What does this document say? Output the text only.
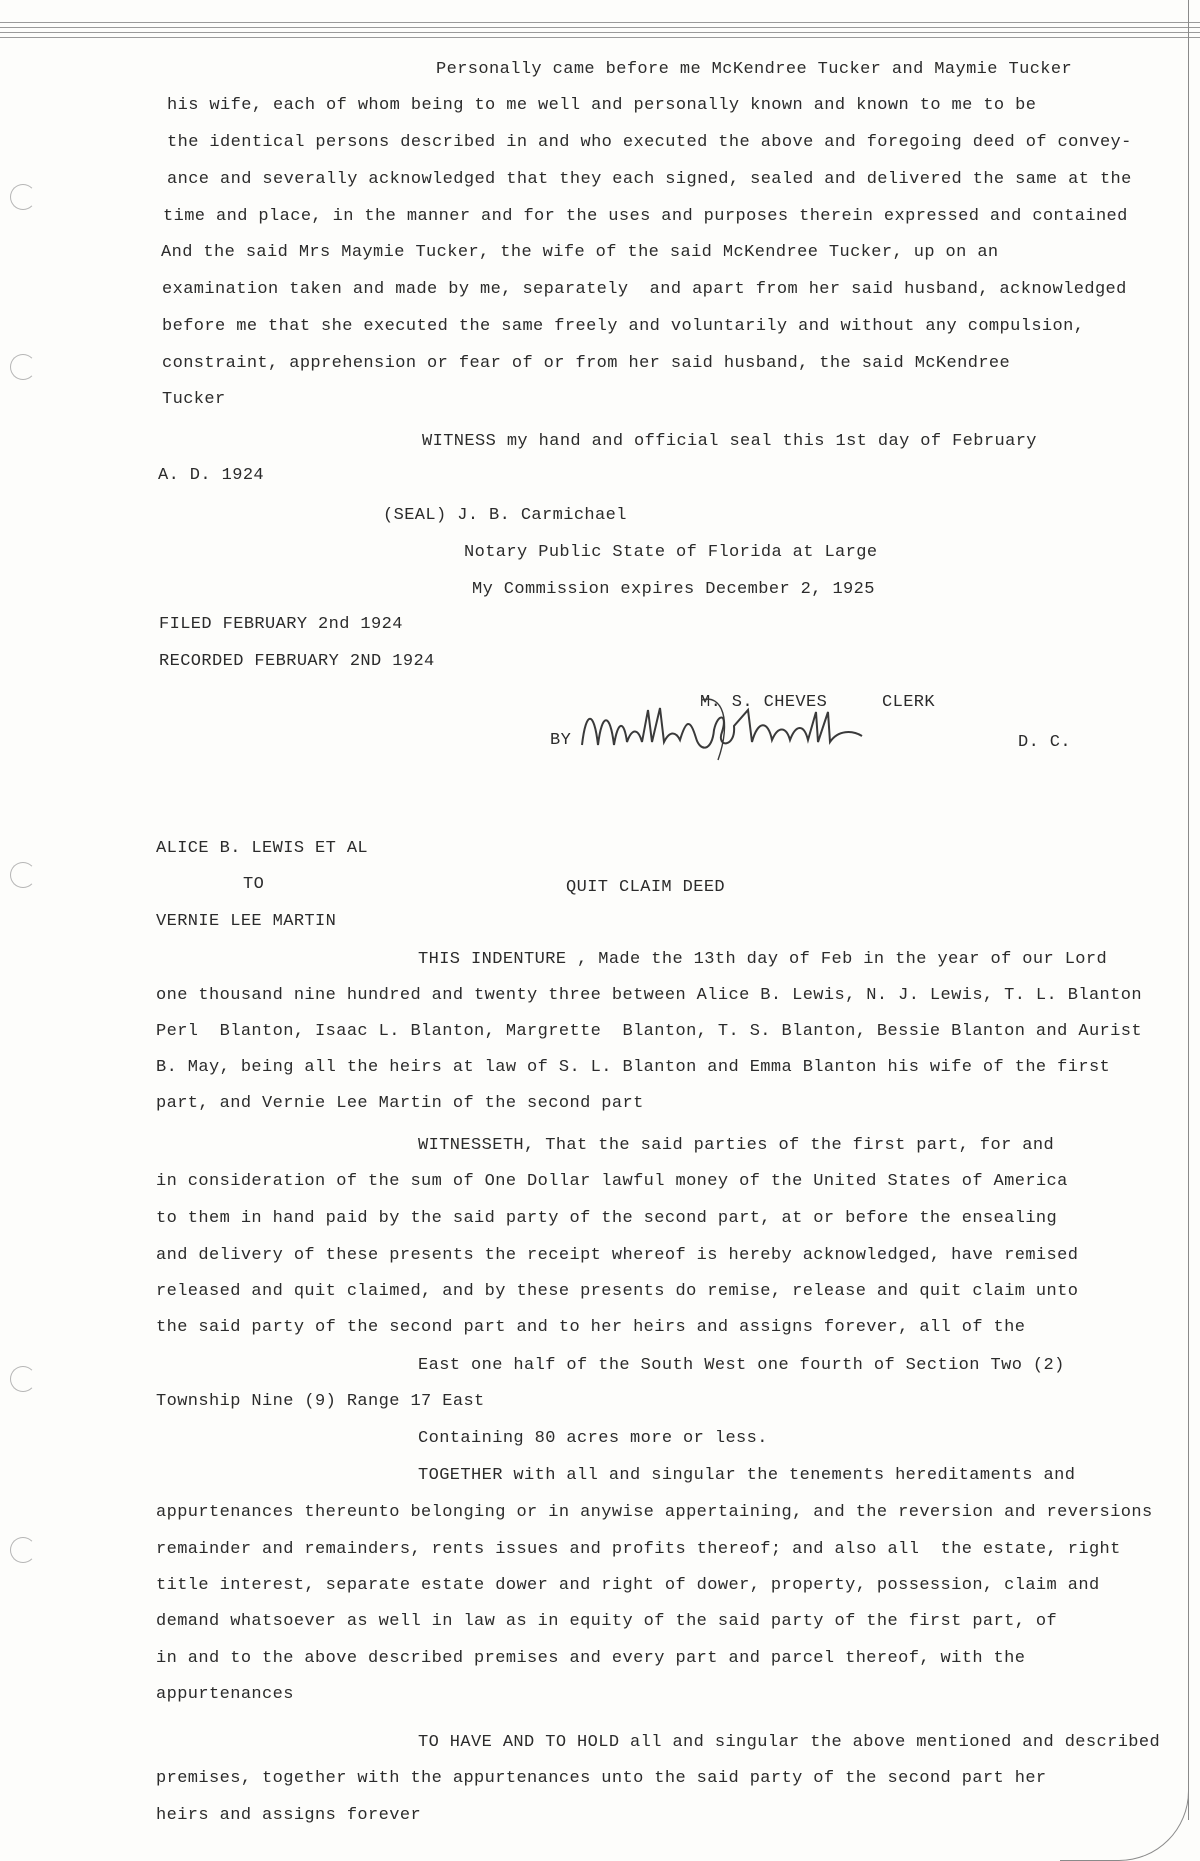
Personally came before me McKendree Tucker and Maymie Tucker
his wife, each of whom being to me well and personally known and known to me to be
the identical persons described in and who executed the above and foregoing deed of convey-
ance and severally acknowledged that they each signed, sealed and delivered the same at the
time and place, in the manner and for the uses and purposes therein expressed and contained
And the said Mrs Maymie Tucker, the wife of the said McKendree Tucker, up on an
examination taken and made by me, separately  and apart from her said husband, acknowledged
before me that she executed the same freely and voluntarily and without any compulsion,
constraint, apprehension or fear of or from her said husband, the said McKendree
Tucker
WITNESS my hand and official seal this 1st day of February
A. D. 1924
(SEAL) J. B. Carmichael
Notary Public State of Florida at Large
My Commission expires December 2, 1925
FILED FEBRUARY 2nd 1924
RECORDED FEBRUARY 2ND 1924
M. S. CHEVES	CLERK
BY	D. C.
ALICE B. LEWIS ET AL
TO	QUIT CLAIM DEED
VERNIE LEE MARTIN
THIS INDENTURE , Made the 13th day of Feb in the year of our Lord
one thousand nine hundred and twenty three between Alice B. Lewis, N. J. Lewis, T. L. Blanton
Perl  Blanton, Isaac L. Blanton, Margrette  Blanton, T. S. Blanton, Bessie Blanton and Aurist
B. May, being all the heirs at law of S. L. Blanton and Emma Blanton his wife of the first
part, and Vernie Lee Martin of the second part
WITNESSETH, That the said parties of the first part, for and
in consideration of the sum of One Dollar lawful money of the United States of America
to them in hand paid by the said party of the second part, at or before the ensealing
and delivery of these presents the receipt whereof is hereby acknowledged, have remised
released and quit claimed, and by these presents do remise, release and quit claim unto
the said party of the second part and to her heirs and assigns forever, all of the
East one half of the South West one fourth of Section Two (2)
Township Nine (9) Range 17 East
Containing 80 acres more or less.
TOGETHER with all and singular the tenements hereditaments and
appurtenances thereunto belonging or in anywise appertaining, and the reversion and reversions
remainder and remainders, rents issues and profits thereof; and also all  the estate, right
title interest, separate estate dower and right of dower, property, possession, claim and
demand whatsoever as well in law as in equity of the said party of the first part, of
in and to the above described premises and every part and parcel thereof, with the
appurtenances
TO HAVE AND TO HOLD all and singular the above mentioned and described
premises, together with the appurtenances unto the said party of the second part her
heirs and assigns forever
